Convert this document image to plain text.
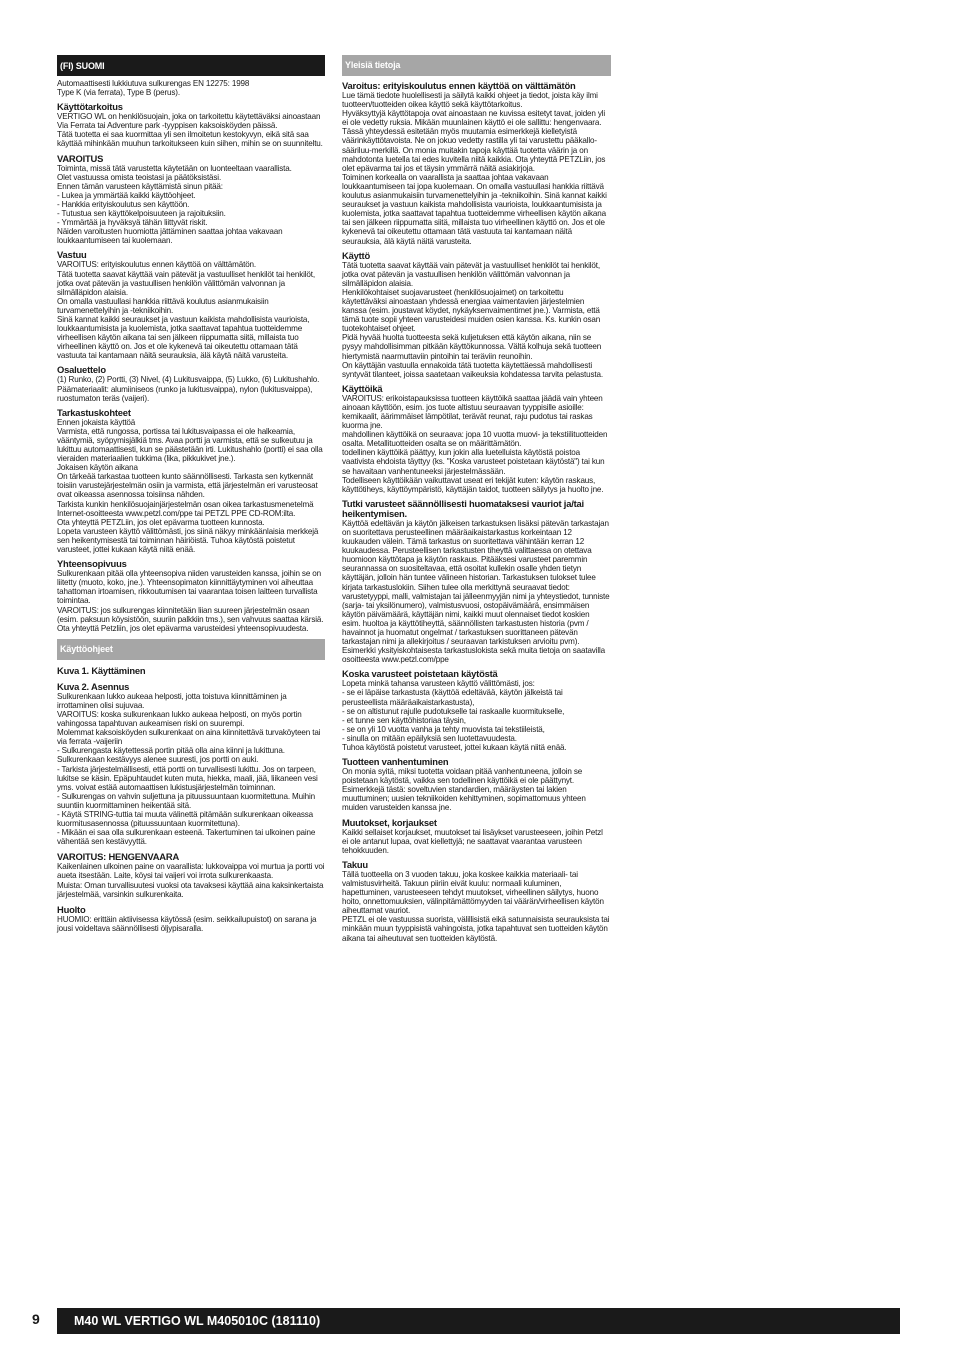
(FI) SUOMI
Automaattisesti lukkiutuva sulkurengas EN 12275: 1998
Type K (via ferrata), Type B (perus).
Käyttötarkoitus
VERTIGO WL on henkilösuojain, joka on tarkoitettu käytettäväksi ainoastaan Via Ferrata tai Adventure park -tyyppisen kaksoisköyden päissä.
Tätä tuotetta ei saa kuormittaa yli sen ilmoitetun kestokyvyn, eikä sitä saa käyttää mihinkään muuhun tarkoitukseen kuin siihen, mihin se on suunniteltu.
VAROITUS
Toiminta, missä tätä varustetta käytetään on luonteeltaan vaarallista.
Olet vastuussa omista teoistasi ja päätöksistäsi.
Ennen tämän varusteen käyttämistä sinun pitää:
- Lukea ja ymmärtää kaikki käyttöohjeet.
- Hankkia erityiskoulutus sen käyttöön.
- Tutustua sen käyttökelpoisuuteen ja rajoituksiin.
- Ymmärtää ja hyväksyä tähän liittyvät riskit.
Näiden varoitusten huomiotta jättäminen saattaa johtaa vakavaan loukkaantumiseen tai kuolemaan.
Vastuu
VAROITUS: erityiskoulutus ennen käyttöä on välttämätön.
Tätä tuotetta saavat käyttää vain pätevät ja vastuulliset henkilöt tai henkilöt, jotka ovat pätevän ja vastuullisen henkilön välittömän valvonnan ja silmälläpidon alaisia.
On omalla vastuullasi hankkia riittävä koulutus asianmukaisiin turvamenettelyihin ja -tekniikoihin.
Sinä kannat kaikki seuraukset ja vastuun kaikista mahdollisista vaurioista, loukkaantumisista ja kuolemista, jotka saattavat tapahtua tuotteidemme virheellisen käytön aikana tai sen jälkeen riippumatta siitä, millaista tuo virheellinen käyttö on. Jos et ole kykenevä tai oikeutettu ottamaan tätä vastuuta tai kantamaan näitä seurauksia, älä käytä näitä varusteita.
Osaluettelo
(1) Runko, (2) Portti, (3) Nivel, (4) Lukitusvaippa, (5) Lukko, (6) Lukitushahlo.
Päämateriaalit: alumiiniseos (runko ja lukitusvaippa), nylon (lukitusvaippa), ruostumaton teräs (vaijeri).
Tarkastuskohteet
Ennen jokaista käyttöä
Varmista, että rungossa, portissa tai lukitusvaipassa ei ole halkeamia, vääntymiä, syöpymisjälkiä tms. Avaa portti ja varmista, että se sulkeutuu ja lukittuu automaattisesti, kun se päästetään irti. Lukitushahlo (portti) ei saa olla vieraiden materiaalien tukkima (lika, pikkukivet jne.).
Jokaisen käytön aikana
On tärkeää tarkastaa tuotteen kunto säännöllisesti. Tarkasta sen kytkennät toisiin varustejärjestelmän osiin ja varmista, että järjestelmän eri varusteosat ovat oikeassa asennossa toisiinsa nähden.
Tarkista kunkin henkilösuojainjärjestelmän osan oikea tarkastusmenetelmä Internet-osoitteesta www.petzl.com/ppe tai PETZL PPE CD-ROM:ilta.
Ota yhteyttä PETZLiin, jos olet epävarma tuotteen kunnosta.
Lopeta varusteen käyttö välittömästi, jos siinä näkyy minkäänlaisia merkkejä sen heikentymisestä tai toiminnan häiriöistä. Tuhoa käytöstä poistetut varusteet, jottei kukaan käytä niitä enää.
Yhteensopivuus
Sulkurenkaan pitää olla yhteensopiva niiden varusteiden kanssa, joihin se on liitetty (muoto, koko, jne.). Yhteensopimaton kiinnittäytyminen voi aiheuttaa tahattoman irtoamisen, rikkoutumisen tai vaarantaa toisen laitteen turvallista toimintaa.
VAROITUS: jos sulkurengas kiinnitetään liian suureen järjestelmän osaan (esim. paksuun köysistöön, suuriin palkkiin tms.), sen vahvuus saattaa kärsiä.
Ota yhteyttä Petzliin, jos olet epävarma varusteidesi yhteensopivuudesta.
Käyttöohjeet
Kuva 1. Käyttäminen
Kuva 2. Asennus
Sulkurenkaan lukko aukeaa helposti, jotta toistuva kiinnittäminen ja irrottaminen olisi sujuvaa.
VAROITUS: koska sulkurenkaan lukko aukeaa helposti, on myös portin vahingossa tapahtuvan aukeamisen riski on suurempi.
Molemmat kaksoisköyden sulkurenkaat on aina kiinnitettävä turvaköyteen tai via ferrata -vaijeriin
- Sulkurengasta käytettessä portin pitää olla aina kiinni ja lukittuna. Sulkurenkaan kestävyys alenee suuresti, jos portti on auki.
- Tarkista järjestelmällisesti, että portti on turvallisesti lukittu. Jos on tarpeen, lukitse se käsin. Epäpuhtaudet kuten muta, hiekka, maali, jää, liikaneen vesi yms. voivat estää automaattisen lukistusjärjestelmän toiminnan.
- Sulkurengas on vahvin suljettuna ja pituussuuntaan kuormitettuna. Muihin suuntiin kuormittaminen heikentää sitä.
- Käytä STRING-tuttia tai muuta välinettä pitämään sulkurenkaan oikeassa kuormitusasennossa (pituussuuntaan kuormitettuna).
- Mikään ei saa olla sulkurenkaan esteenä. Takertuminen tai ulkoinen paine vähentää sen kestävyyttä.
VAROITUS: HENGENVAARA
Kaikenlainen ulkoinen paine on vaarallista: lukkovaippa voi murtua ja portti voi aueta itsestään. Laite, köysi tai vaijeri voi irrota sulkurenkaasta.
Muista: Oman turvallisuutesi vuoksi ota tavaksesi käyttää aina kaksinkertaista järjestelmää, varsinkin sulkurenkaita.
Huolto
HUOMIO: erittäin aktiivisessa käytössä (esim. seikkailupuistot) on sarana ja jousi voideltava säännöllisesti öljypisaralla.
Yleisiä tietoja
Varoitus: erityiskoulutus ennen käyttöä on välttämätön
Lue tämä tiedote huolellisesti ja säilytä kaikki ohjeet ja tiedot, joista käy ilmi tuotteen/tuotteiden oikea käyttö sekä käyttötarkoitus.
Hyväksyttyjä käyttötapoja ovat ainoastaan ne kuvissa esitetyt tavat, joiden yli ei ole vedetty ruksia. Mikään muunlainen käyttö ei ole sallittu: hengenvaara. Tässä yhteydessä esitetään myös muutamia esimerkkejä kielletyistä väärinkäyttötavoista. Ne on jokuo vedetty rastilla yli tai varustettu pääkallo-sääriluu-merkillä. On monia muitakin tapoja käyttää tuotetta väärin ja on mahdotonta luetella tai edes kuvitella niitä kaikkia. Ota yhteyttä PETZLiin, jos olet epävarma tai jos et täysin ymmärrä näitä asiakirjoja.
Toiminen korkealla on vaarallista ja saattaa johtaa vakavaan loukkaantumiseen tai jopa kuolemaan. On omalla vastuullasi hankkia riittävä koulutus asianmukaisiin turvamenettelyihin ja -tekniikoihin. Sinä kannat kaikki seuraukset ja vastuun kaikista mahdollisista vaurioista, loukkaantumisista ja kuolemista, jotka saattavat tapahtua tuotteidemme virheellisen käytön aikana tai sen jälkeen riippumatta siitä, millaista tuo virheellinen käyttö on. Jos et ole kykenevä tai oikeutettu ottamaan tätä vastuuta tai kantamaan näitä seurauksia, älä käytä näitä varusteita.
Käyttö
Tätä tuotetta saavat käyttää vain pätevät ja vastuulliset henkilöt tai henkilöt, jotka ovat pätevän ja vastuullisen henkilön välittömän valvonnan ja silmälläpidon alaisia.
Henkilökohtaiset suojavarusteet (henkilösuojaimet) on tarkoitettu käytettäväksi ainoastaan yhdessä energiaa vaimentavien järjestelmien kanssa (esim. joustavat köydet, nykäyksenvaimentimet jne.). Varmista, että tämä tuote sopii yhteen varusteidesi muiden osien kanssa. Ks. kunkin osan tuotekohtaiset ohjeet.
Pidä hyvää huolta tuotteesta sekä kuljetuksen että käytön aikana, niin se pysyy mahdollisimman pitkään käyttökunnossa. Vältä kolhuja sekä tuotteen hiertymistä naarmuttaviin pintoihin tai teräviin reunoihin.
On käyttäjän vastuulla ennakoida tätä tuotetta käytettäessä mahdollisesti syntyvät tilanteet, joissa saatetaan vaikeuksia kohdatessa tarvita pelastusta.
Käyttöikä
VAROITUS: erikoistapauksissa tuotteen käyttöikä saattaa jäädä vain yhteen ainoaan käyttöön, esim. jos tuote altistuu seuraavan tyyppisille asioille: kemikaalit, äärimmäiset lämpötilat, terävät reunat, raju pudotus tai raskas kuorma jne.
mahdollinen käyttöikä on seuraava: jopa 10 vuotta muovi- ja tekstiilituotteiden osalta. Metallituotteiden osalta se on määrittämätön.
todellinen käyttöikä päättyy, kun jokin alla luetelluista käytöstä poistoa vaativista ehdoista täyttyy (ks. "Koska varusteet poistetaan käytöstä") tai kun se havaitaan vanhentuneeksi järjestelmässään.
Todelliseen käyttöikään vaikuttavat useat eri tekijät kuten: käytön raskaus, käyttötiheys, käyttöympäristö, käyttäjän taidot, tuotteen säilytys ja huolto jne.
Tutki varusteet säännöllisesti huomataksesi vauriot ja/tai heikentymisen.
Käyttöä edeltävän ja käytön jälkeisen tarkastuksen lisäksi pätevän tarkastajan on suoritettava perusteellinen määräaikaistarkastus korkeintaan 12 kuukauden välein. Tämä tarkastus on suoritettava vähintään kerran 12 kuukaudessa. Perusteellisen tarkastusten tiheyttä valittaessa on otettava huomioon käyttötapa ja käytön raskaus. Pitääksesi varusteet paremmin seurannassa on suositeltavaa, että osoitat kullekin osalle yhden tietyn käyttäjän, jolloin hän tuntee välineen historian. Tarkastuksen tulokset tulee kirjata tarkastuslokiin. Siihen tulee olla merkittynä seuraavat tiedot: varustetyyppi, malli, valmistajan tai jälleenmyyjän nimi ja yhteystiedot, tunniste (sarja- tai yksilönumero), valmistusvuosi, ostopäivämäärä, ensimmäisen käytön päivämäärä, käyttäjän nimi, kaikki muut olennaiset tiedot koskien esim. huoltoa ja käyttötiheyttä, säännöllisten tarkastusten historia (pvm / havainnot ja huomatut ongelmat / tarkastuksen suorittaneen pätevän tarkastajan nimi ja allekirjoitus / seuraavan tarkistuksen arvioitu pvm). Esimerkki yksityiskohtaisesta tarkastuslokista sekä muita tietoja on saatavilla osoitteesta www.petzl.com/ppe
Koska varusteet poistetaan käytöstä
Lopeta minkä tahansa varusteen käyttö välittömästi, jos:
- se ei läpäise tarkastusta (käyttöä edeltävää, käytön jälkeistä tai perusteellista määräaikaistarkastusta),
- se on altistunut rajulle pudotukselle tai raskaalle kuormitukselle,
- et tunne sen käyttöhistoriaa täysin,
- se on yli 10 vuotta vanha ja tehty muovista tai tekstiileistä,
- sinulla on mitään epäilyksiä sen luotettavuudesta.
Tuhoa käytöstä poistetut varusteet, jottei kukaan käytä niitä enää.
Tuotteen vanhentuminen
On monia syitä, miksi tuotetta voidaan pitää vanhentuneena, jolloin se poistetaan käytöstä, vaikka sen todellinen käyttöikä ei ole päättynyt. Esimerkkejä tästä: soveltuvien standardien, määräysten tai lakien muuttuminen; uusien tekniikoiden kehittyminen, sopimattomuus yhteen muiden varusteiden kanssa jne.
Muutokset, korjaukset
Kaikki sellaiset korjaukset, muutokset tai lisäykset varusteeseen, joihin Petzl ei ole antanut lupaa, ovat kiellettyjä; ne saattavat vaarantaa varusteen tehokkuuden.
Takuu
Tällä tuotteella on 3 vuoden takuu, joka koskee kaikkia materiaali- tai valmistusvirheitä. Takuun piiriin eivät kuulu: normaali kuluminen, hapettuminen, varusteeseen tehdyt muutokset, virheellinen säilytys, huono hoito, onnettomuuksien, välinpitämättömyyden tai väärän/virheellisen käytön aiheuttamat vauriot.
PETZL ei ole vastuussa suorista, välillisistä eikä satunnaisista seurauksista tai minkään muun tyyppisistä vahingoista, jotka tapahtuvat sen tuotteiden käytön aikana tai aiheutuvat sen tuotteiden käytöstä.
9	M40 WL VERTIGO WL M405010C (181110)
